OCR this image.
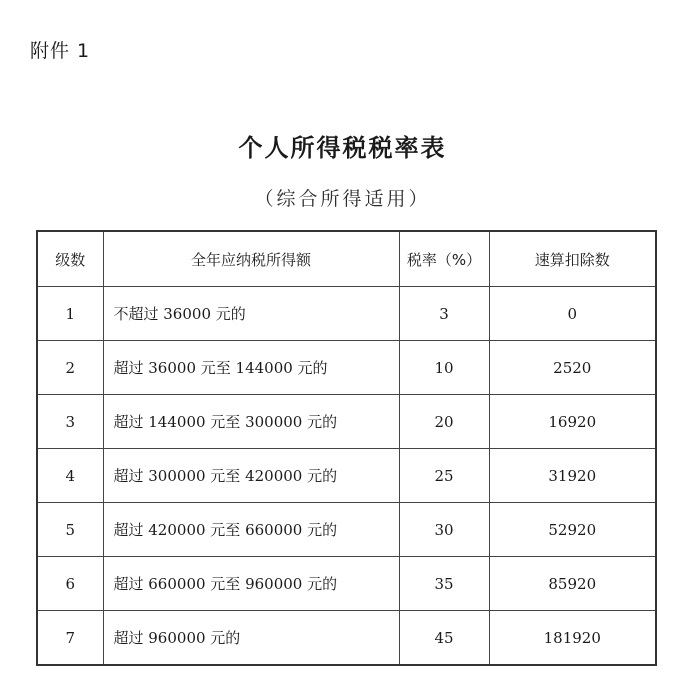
附件 1
个人所得税税率表
（综合所得适用）
级数	全年应纳税所得额	税率（%）	速算扣除数
1	不超过 36000 元的	3	0
2	超过 36000 元至 144000 元的	10	2520
3	超过 144000 元至 300000 元的	20	16920
4	超过 300000 元至 420000 元的	25	31920
5	超过 420000 元至 660000 元的	30	52920
6	超过 660000 元至 960000 元的	35	85920
7	超过 960000 元的	45	181920
